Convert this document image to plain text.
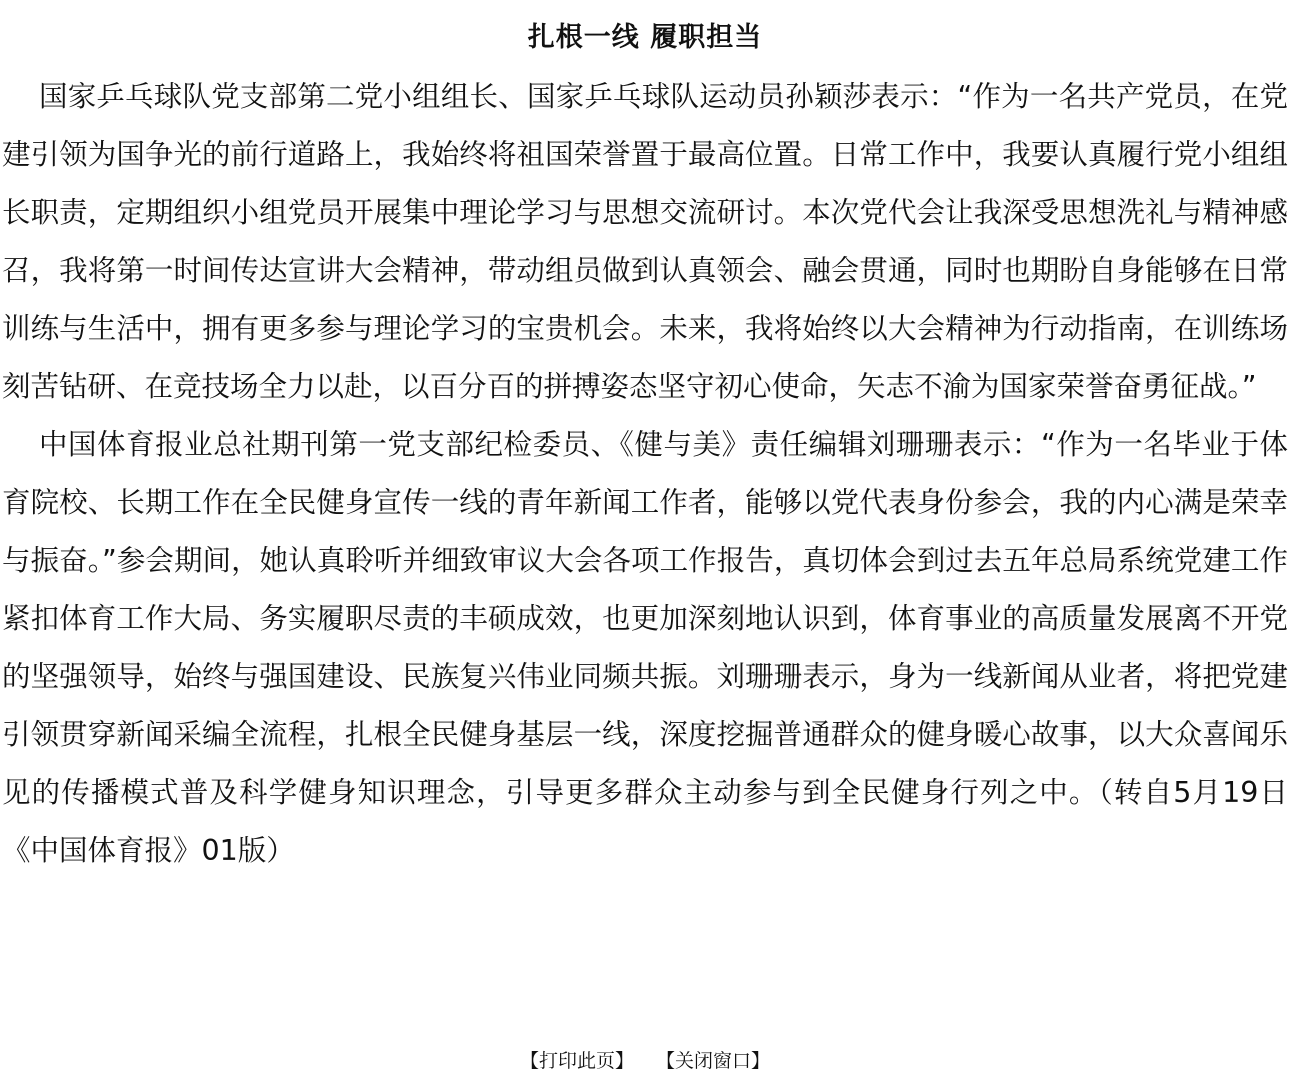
扎根一线 履职担当

国家乒乓球队党支部第二党小组组长、国家乒乓球队运动员孙颖莎表示：“作为一名共产党员，在党建引领为国争光的前行道路上，我始终将祖国荣誉置于最高位置。日常工作中，我要认真履行党小组组长职责，定期组织小组党员开展集中理论学习与思想交流研讨。本次党代会让我深受思想洗礼与精神感召，我将第一时间传达宣讲大会精神，带动组员做到认真领会、融会贯通，同时也期盼自身能够在日常训练与生活中，拥有更多参与理论学习的宝贵机会。未来，我将始终以大会精神为行动指南，在训练场刻苦钻研、在竞技场全力以赴，以百分百的拼搏姿态坚守初心使命，矢志不渝为国家荣誉奋勇征战。”

中国体育报业总社期刊第一党支部纪检委员、《健与美》责任编辑刘珊珊表示：“作为一名毕业于体育院校、长期工作在全民健身宣传一线的青年新闻工作者，能够以党代表身份参会，我的内心满是荣幸与振奋。”参会期间，她认真聆听并细致审议大会各项工作报告，真切体会到过去五年总局系统党建工作紧扣体育工作大局、务实履职尽责的丰硕成效，也更加深刻地认识到，体育事业的高质量发展离不开党的坚强领导，始终与强国建设、民族复兴伟业同频共振。刘珊珊表示，身为一线新闻从业者，将把党建引领贯穿新闻采编全流程，扎根全民健身基层一线，深度挖掘普通群众的健身暖心故事，以大众喜闻乐见的传播模式普及科学健身知识理念，引导更多群众主动参与到全民健身行列之中。（转自5月19日《中国体育报》01版）

【打印此页】 【关闭窗口】
